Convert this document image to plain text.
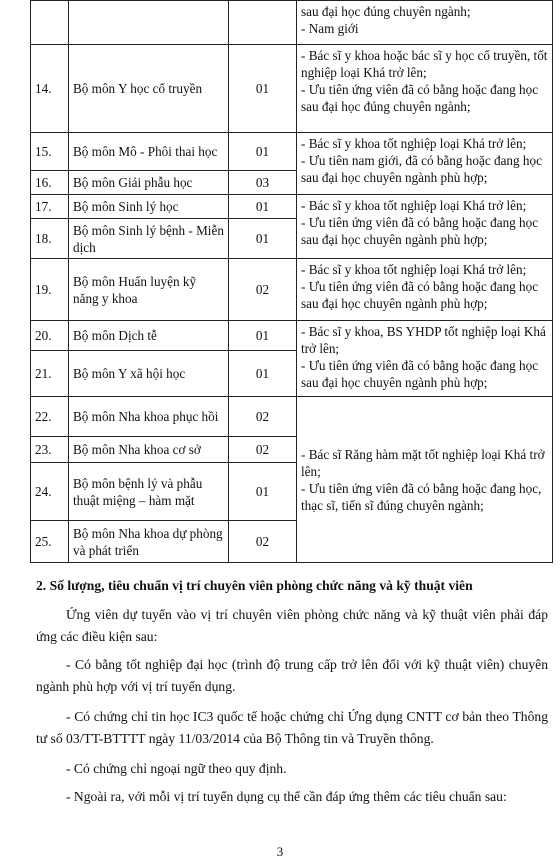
			sau đại học đúng chuyên ngành;
- Nam giới

14.	Bộ môn Y học cổ truyền	01	- Bác sĩ y khoa hoặc bác sĩ y học cổ truyền, tốt nghiệp loại Khá trở lên;
- Ưu tiên ứng viên đã có bằng hoặc đang học sau đại học đúng chuyên ngành;

15.	Bộ môn Mô - Phôi thai học	01	- Bác sĩ y khoa tốt nghiệp loại Khá trở lên;
- Ưu tiên nam giới, đã có bằng hoặc đang học sau đại học chuyên ngành phù hợp;

16.	Bộ môn Giải phẫu học	03	
17.	Bộ môn Sinh lý học	01	- Bác sĩ y khoa tốt nghiệp loại Khá trở lên;
- Ưu tiên ứng viên đã có bằng hoặc đang học sau đại học chuyên ngành phù hợp;

18.	Bộ môn Sinh lý bệnh - Miễn dịch	01	
19.	Bộ môn Huấn luyện kỹ năng y khoa	02	- Bác sĩ y khoa tốt nghiệp loại Khá trở lên;
- Ưu tiên ứng viên đã có bằng hoặc đang học sau đại học chuyên ngành phù hợp;

20.	Bộ môn Dịch tễ	01	- Bác sĩ y khoa, BS YHDP tốt nghiệp loại Khá trở lên;
- Ưu tiên ứng viên đã có bằng hoặc đang học sau đại học chuyên ngành phù hợp;

21.	Bộ môn Y xã hội học	01	
22.	Bộ môn Nha khoa phục hồi	02	- Bác sĩ Răng hàm mặt tốt nghiệp loại Khá trở lên;
- Ưu tiên ứng viên đã có bằng hoặc đang học, thạc sĩ, tiến sĩ đúng chuyên ngành;

23.	Bộ môn Nha khoa cơ sở	02	
24.	Bộ môn bệnh lý và phẫu thuật miệng – hàm mặt	01	
25.	Bộ môn Nha khoa dự phòng và phát triển	02	
2. Số lượng, tiêu chuẩn vị trí chuyên viên phòng chức năng và kỹ thuật viên
Ứng viên dự tuyển vào vị trí chuyên viên phòng chức năng và kỹ thuật viên phải đáp ứng các điều kiện sau:
- Có bằng tốt nghiệp đại học (trình độ trung cấp trở lên đối với kỹ thuật viên) chuyên ngành phù hợp với vị trí tuyển dụng.
- Có chứng chỉ tin học IC3 quốc tế hoặc chứng chỉ Ứng dụng CNTT cơ bản theo Thông tư số 03/TT-BTTTT ngày 11/03/2014 của Bộ Thông tin và Truyền thông.
- Có chứng chỉ ngoại ngữ theo quy định.
- Ngoài ra, với mỗi vị trí tuyển dụng cụ thể cần đáp ứng thêm các tiêu chuẩn sau:
3
